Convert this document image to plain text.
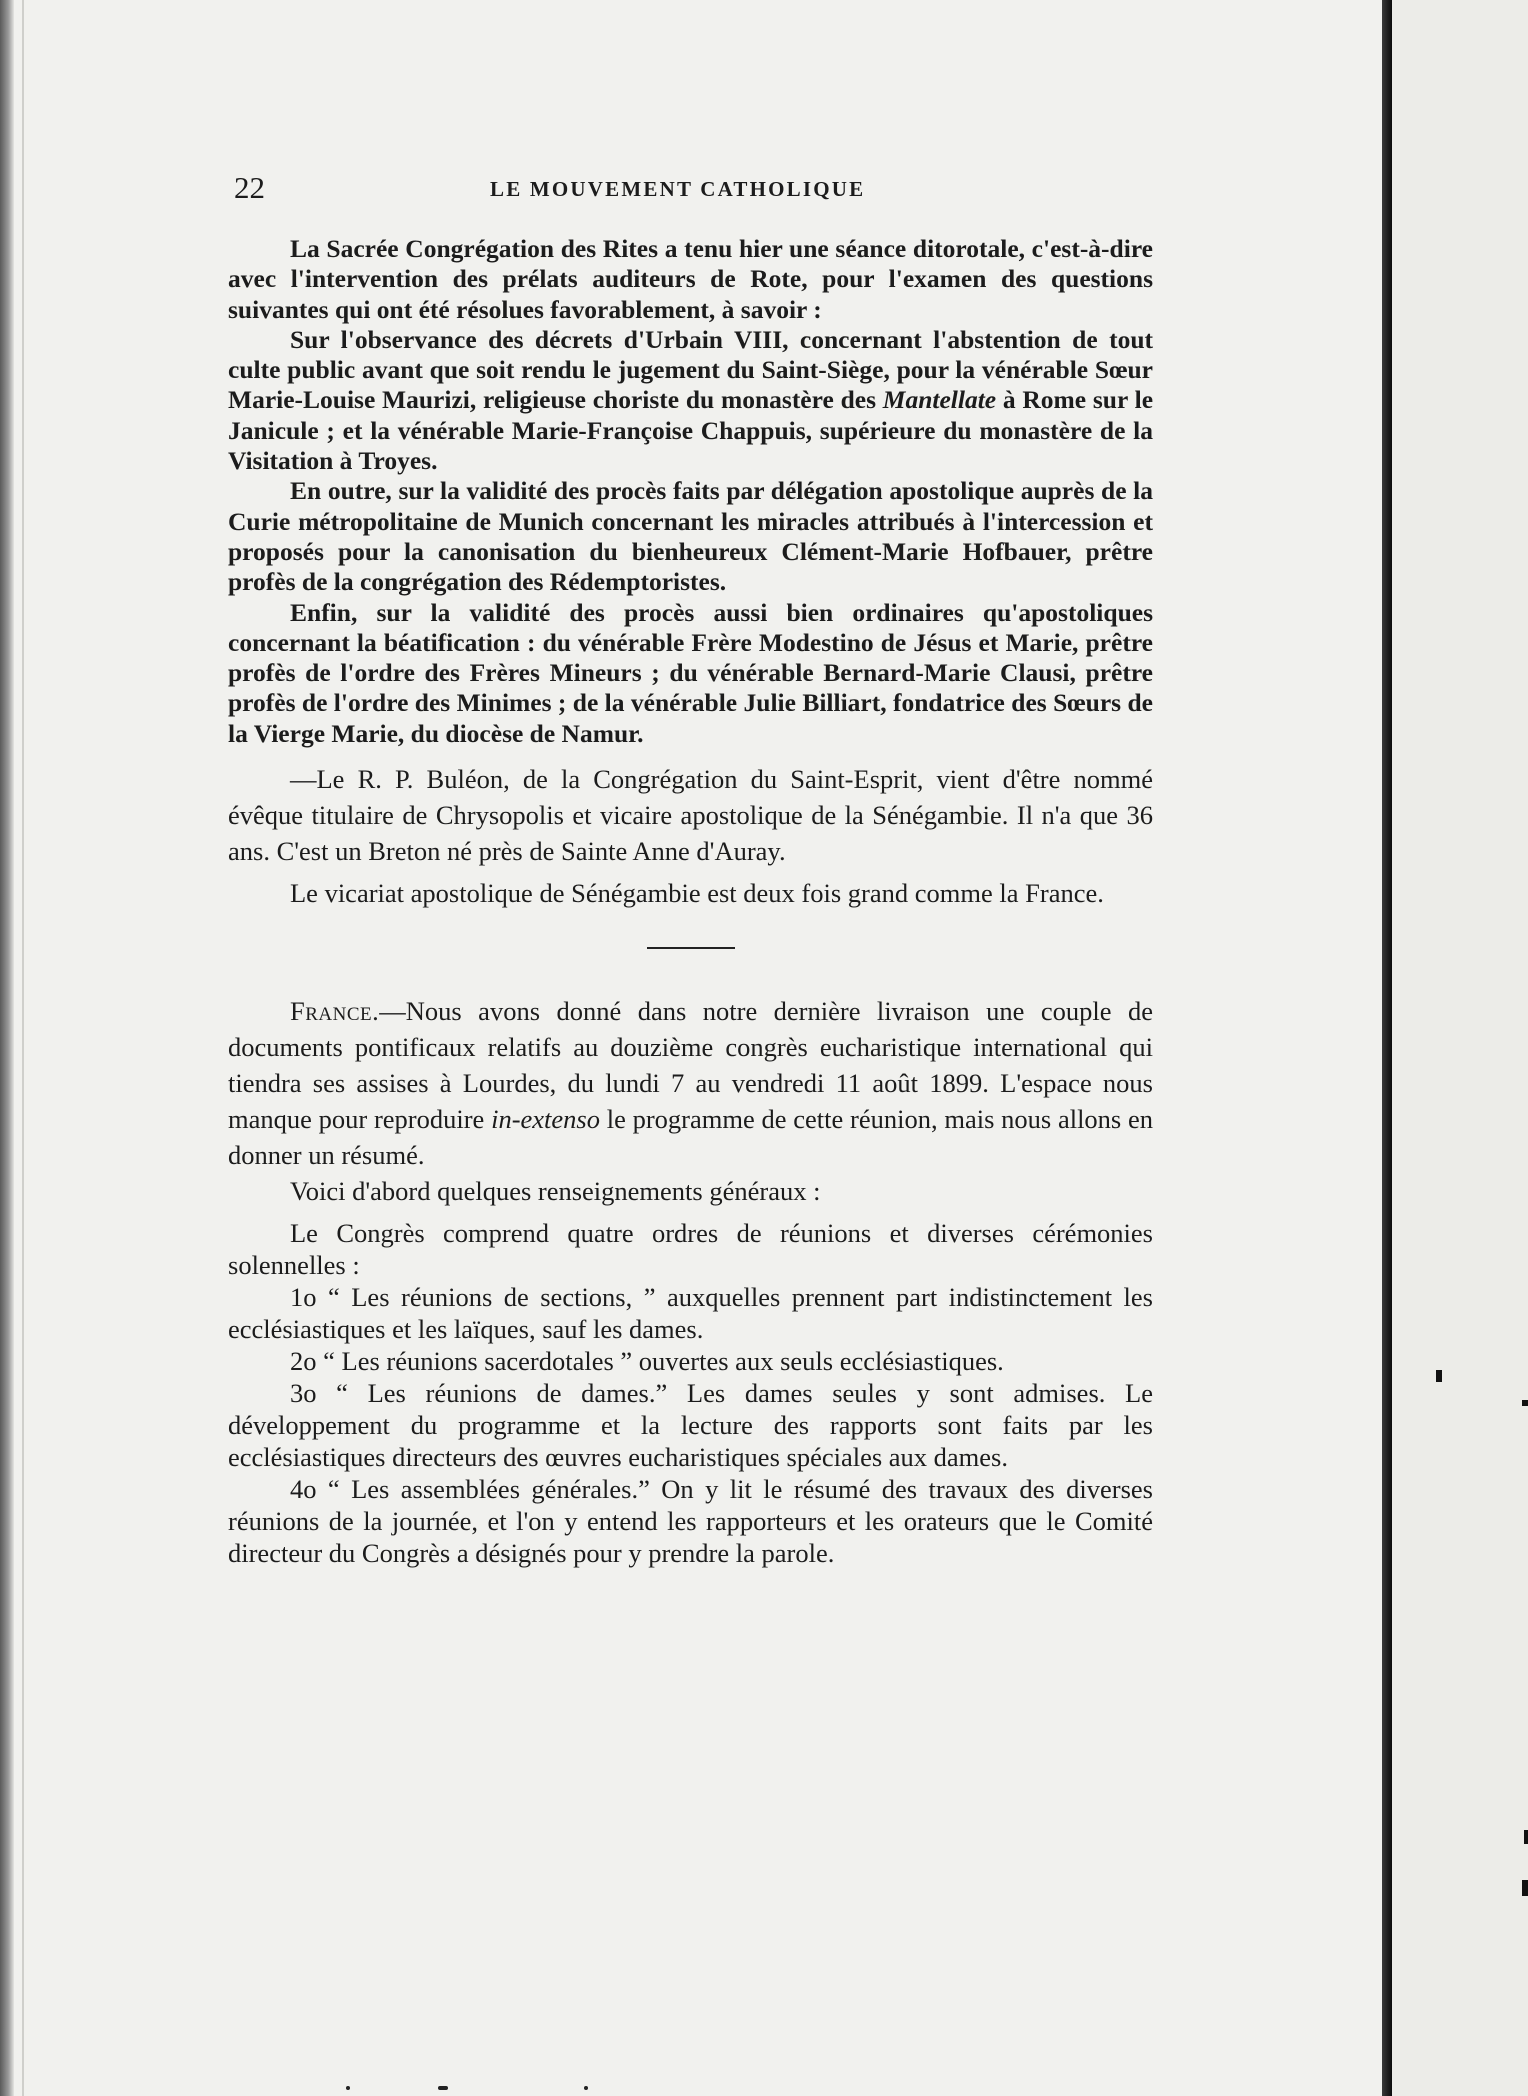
22	LE MOUVEMENT CATHOLIQUE

La Sacrée Congrégation des Rites a tenu hier une séance ditorotale, c'est-à-dire avec l'intervention des prélats auditeurs de Rote, pour l'examen des questions suivantes qui ont été résolues favorablement, à savoir :

Sur l'observance des décrets d'Urbain VIII, concernant l'abstention de tout culte public avant que soit rendu le jugement du Saint-Siège, pour la vénérable Sœur Marie-Louise Maurizi, religieuse choriste du monastère des Mantellate à Rome sur le Janicule ; et la vénérable Marie-Françoise Chappuis, supérieure du monastère de la Visitation à Troyes.

En outre, sur la validité des procès faits par délégation apostolique auprès de la Curie métropolitaine de Munich concernant les miracles attribués à l'intercession et proposés pour la canonisation du bienheureux Clément-Marie Hofbauer, prêtre profès de la congrégation des Rédemptoristes.

Enfin, sur la validité des procès aussi bien ordinaires qu'apostoliques concernant la béatification : du vénérable Frère Modestino de Jésus et Marie, prêtre profès de l'ordre des Frères Mineurs ; du vénérable Bernard-Marie Clausi, prêtre profès de l'ordre des Minimes ; de la vénérable Julie Billiart, fondatrice des Sœurs de la Vierge Marie, du diocèse de Namur.

—Le R. P. Buléon, de la Congrégation du Saint-Esprit, vient d'être nommé évêque titulaire de Chrysopolis et vicaire apostolique de la Sénégambie. Il n'a que 36 ans. C'est un Breton né près de Sainte Anne d'Auray.

Le vicariat apostolique de Sénégambie est deux fois grand comme la France.

France.—Nous avons donné dans notre dernière livraison une couple de documents pontificaux relatifs au douzième congrès eucharistique international qui tiendra ses assises à Lourdes, du lundi 7 au vendredi 11 août 1899. L'espace nous manque pour reproduire in-extenso le programme de cette réunion, mais nous allons en donner un résumé.

Voici d'abord quelques renseignements généraux :

Le Congrès comprend quatre ordres de réunions et diverses cérémonies solennelles :

1o “ Les réunions de sections, ” auxquelles prennent part indistinctement les ecclésiastiques et les laïques, sauf les dames.

2o “ Les réunions sacerdotales ” ouvertes aux seuls ecclésiastiques.

3o “ Les réunions de dames.” Les dames seules y sont admises. Le développement du programme et la lecture des rapports sont faits par les ecclésiastiques directeurs des œuvres eucharistiques spéciales aux dames.

4o “ Les assemblées générales.” On y lit le résumé des travaux des diverses réunions de la journée, et l'on y entend les rapporteurs et les orateurs que le Comité directeur du Congrès a désignés pour y prendre la parole.
